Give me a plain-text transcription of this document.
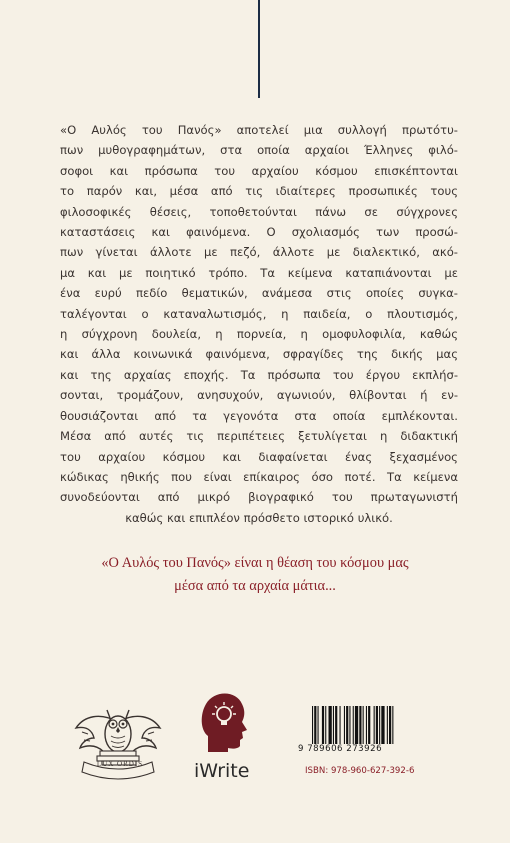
«Ο Αυλός του Πανός» αποτελεί μια συλλογή πρωτότυ-
πων μυθογραφημάτων, στα οποία αρχαίοι Έλληνες φιλό-
σοφοι και πρόσωπα του αρχαίου κόσμου επισκέπτονται
το παρόν και, μέσα από τις ιδιαίτερες προσωπικές τους
φιλοσοφικές θέσεις, τοποθετούνται πάνω σε σύγχρονες
καταστάσεις και φαινόμενα. Ο σχολιασμός των προσώ-
πων γίνεται άλλοτε με πεζό, άλλοτε με διαλεκτικό, ακό-
μα και με ποιητικό τρόπο. Τα κείμενα καταπιάνονται με
ένα ευρύ πεδίο θεματικών, ανάμεσα στις οποίες συγκα-
ταλέγονται ο καταναλωτισμός, η παιδεία, ο πλουτισμός,
η σύγχρονη δουλεία, η πορνεία, η ομοφυλοφιλία, καθώς
και άλλα κοινωνικά φαινόμενα, σφραγίδες της δικής μας
και της αρχαίας εποχής. Τα πρόσωπα του έργου εκπλήσ-
σονται, τρομάζουν, ανησυχούν, αγωνιούν, θλίβονται ή εν-
θουσιάζονται από τα γεγονότα στα οποία εμπλέκονται.
Μέσα από αυτές τις περιπέτειες ξετυλίγεται η διδακτική
του αρχαίου κόσμου και διαφαίνεται ένας ξεχασμένος
κώδικας ηθικής που είναι επίκαιρος όσο ποτέ. Τα κείμενα
συνοδεύονται από μικρό βιογραφικό του πρωταγωνιστή
καθώς και επιπλέον πρόσθετο ιστορικό υλικό.
«Ο Αυλός του Πανός» είναι η θέαση του κόσμου μας
μέσα από τα αρχαία μάτια...
LUX ORDIS	iWrite
9 789606 273926
ISBN: 978-960-627-392-6
